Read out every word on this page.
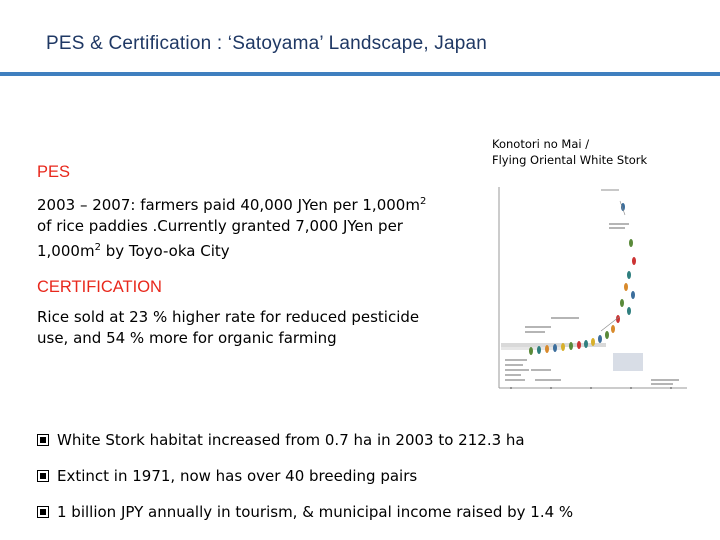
PES & Certification : ‘Satoyama’ Landscape, Japan
Konotori no Mai /
Flying Oriental White Stork
PES
2003 – 2007: farmers paid 40,000 JYen per $1,000m^2$
of rice paddies .Currently granted 7,000 JYen per
$1,000m^2$ by Toyo-oka City
CERTIFICATION
Rice sold at 23 % higher rate for reduced pesticide
use, and 54 % more for organic farming
White Stork habitat increased from 0.7 ha in 2003 to 212.3 ha
Extinct in 1971, now has over 40 breeding pairs
1 billion JPY annually in tourism, & municipal income raised by 1.4 %
